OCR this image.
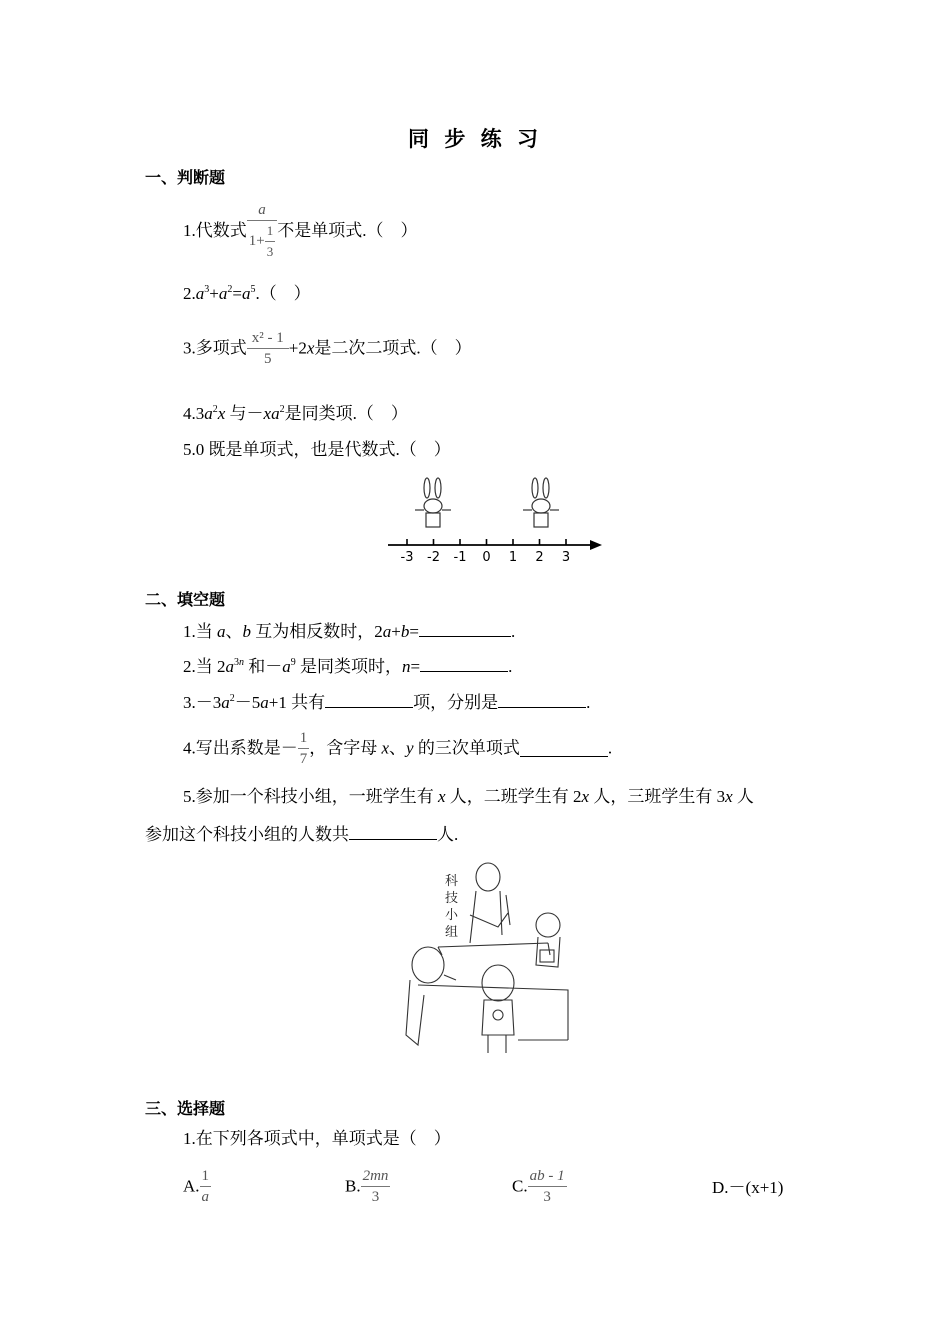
同 步 练 习
一、判断题
1.代数式 $\frac{a}{1+ \frac{1}{3}}$ 不是单项式.（　）
$2.a^3+a^2=a^5$.（　）
3.多项式 $\frac{\text{x² - 1}}{5} +2x$是二次二项式.（　）
$4.3a^2x$ 与$-xa^2$是同类项.（　）
5.0 既是单项式，也是代数式.（　）
-3 -2 -1 0 1 2 3
二、填空题
1.当 a、b 互为相反数时，2a+b=	.
2.当 $2a^{3n}$ 和$-a^9$ 是同类项时，n=	.
$3.-3a^2-5a+1$ 共有	项，分别是	.
4.写出系数是－ $\frac{1}{7}$ ，含字母 x、y 的三次单项式	.
5.参加一个科技小组，一班学生有 x 人，二班学生有 2x 人，三班学生有 3x 人
参加这个科技小组的人数共	人.
科
技
小
组
三、选择题
1.在下列各项式中，单项式是（　）
A. $\frac{1}{a}$	B. $\frac{2mn}{3}$	C. $\frac{ab - 1}{3}$	D.－(x+1)
